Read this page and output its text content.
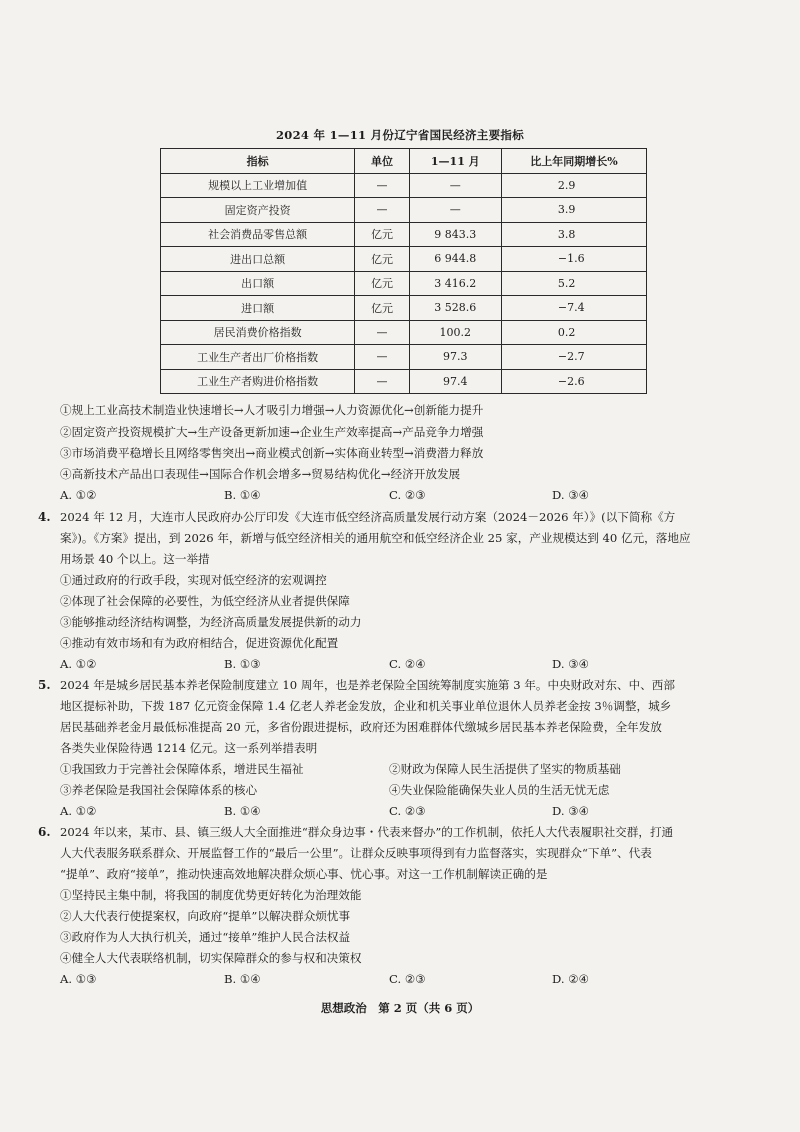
2024 年 1—11 月份辽宁省国民经济主要指标
指标	单位	1—11 月	比上年同期增长%
规模以上工业增加值	—	—	2.9
固定资产投资	—	—	3.9
社会消费品零售总额	亿元	9 843.3	3.8
进出口总额	亿元	6 944.8	−1.6
出口额	亿元	3 416.2	5.2
进口额	亿元	3 528.6	−7.4
居民消费价格指数	—	100.2	0.2
工业生产者出厂价格指数	—	97.3	−2.7
工业生产者购进价格指数	—	97.4	−2.6
①规上工业高技术制造业快速增长→人才吸引力增强→人力资源优化→创新能力提升
②固定资产投资规模扩大→生产设备更新加速→企业生产效率提高→产品竞争力增强
③市场消费平稳增长且网络零售突出→商业模式创新→实体商业转型→消费潜力释放
④高新技术产品出口表现佳→国际合作机会增多→贸易结构优化→经济开放发展
A. ①②	B. ①④	C. ②③	D. ③④
4. 2024 年 12 月，大连市人民政府办公厅印发《大连市低空经济高质量发展行动方案（2024－2026 年）》(以下简称《方
案》)。《方案》提出，到 2026 年，新增与低空经济相关的通用航空和低空经济企业 25 家，产业规模达到 40 亿元，落地应
用场景 40 个以上。这一举措
①通过政府的行政手段，实现对低空经济的宏观调控
②体现了社会保障的必要性，为低空经济从业者提供保障
③能够推动经济结构调整，为经济高质量发展提供新的动力
④推动有效市场和有为政府相结合，促进资源优化配置
A. ①②	B. ①③	C. ②④	D. ③④
5. 2024 年是城乡居民基本养老保险制度建立 10 周年，也是养老保险全国统筹制度实施第 3 年。中央财政对东、中、西部
地区提标补助，下拨 187 亿元资金保障 1.4 亿老人养老金发放，企业和机关事业单位退休人员养老金按 3％调整，城乡
居民基础养老金月最低标准提高 20 元，多省份跟进提标，政府还为困难群体代缴城乡居民基本养老保险费，全年发放
各类失业保险待遇 1214 亿元。这一系列举措表明
①我国致力于完善社会保障体系，增进民生福祉	②财政为保障人民生活提供了坚实的物质基础
③养老保险是我国社会保障体系的核心	④失业保险能确保失业人员的生活无忧无虑
A. ①②	B. ①④	C. ②③	D. ③④
6. 2024 年以来，某市、县、镇三级人大全面推进“群众身边事・代表来督办”的工作机制，依托人大代表履职社交群，打通
人大代表服务联系群众、开展监督工作的“最后一公里”。让群众反映事项得到有力监督落实，实现群众“下单”、代表
“提单”、政府“接单”，推动快速高效地解决群众烦心事、忧心事。对这一工作机制解读正确的是
①坚持民主集中制，将我国的制度优势更好转化为治理效能
②人大代表行使提案权，向政府“提单”以解决群众烦忧事
③政府作为人大执行机关，通过“接单”维护人民合法权益
④健全人大代表联络机制，切实保障群众的参与权和决策权
A. ①③	B. ①④	C. ②③	D. ②④
思想政治　第 2 页（共 6 页）
